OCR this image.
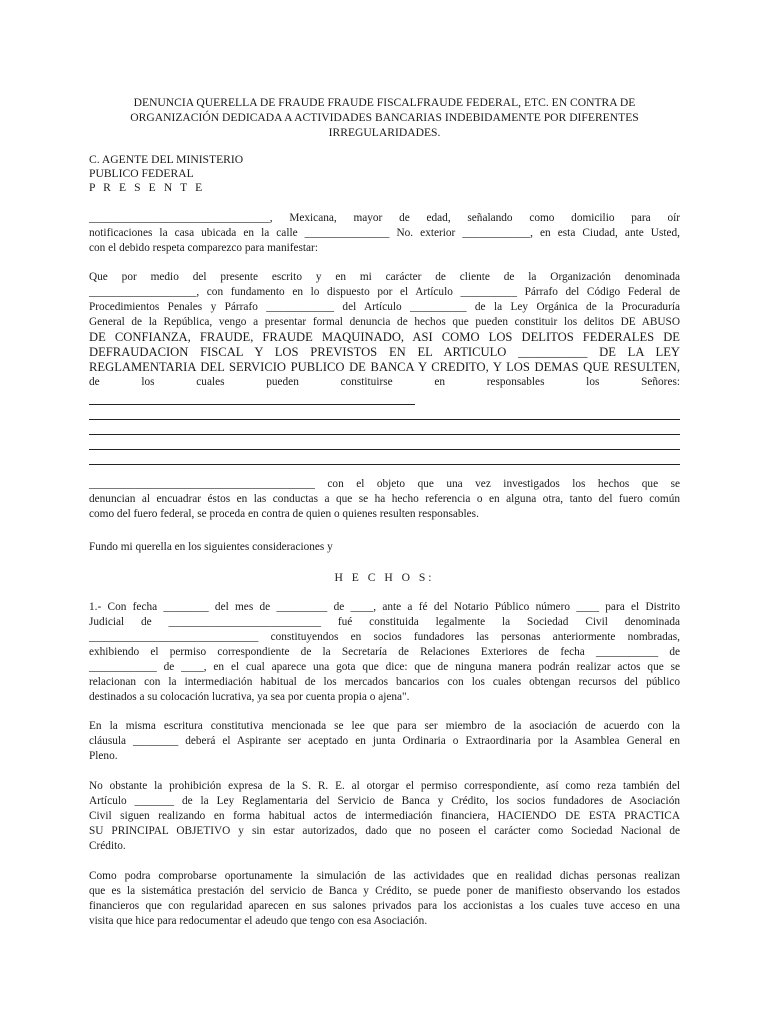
DENUNCIA QUERELLA DE FRAUDE FRAUDE FISCALFRAUDE FEDERAL, ETC. EN CONTRA DE
ORGANIZACIÓN DEDICADA A ACTIVIDADES BANCARIAS INDEBIDAMENTE POR DIFERENTES
IRREGULARIDADES.
C. AGENTE DEL MINISTERIO
PUBLICO FEDERAL
P R E S E N T E
________________________________, Mexicana, mayor de edad, señalando como domicilio para oír
notificaciones la casa ubicada en la calle _______________ No. exterior ____________, en esta Ciudad, ante Usted,
con el debido respeta comparezco para manifestar:
Que por medio del presente escrito y en mi carácter de cliente de la Organización denominada
___________________, con fundamento en lo dispuesto por el Artículo __________ Párrafo del Código Federal de
Procedimientos Penales y Párrafo ____________ del Artículo __________ de la Ley Orgánica de la Procuraduría
General de la República, vengo a presentar formal denuncia de hechos que pueden constituir los delitos DE ABUSO
DE CONFIANZA, FRAUDE, FRAUDE MAQUINADO, ASI COMO LOS DELITOS FEDERALES DE
DEFRAUDACION FISCAL Y LOS PREVISTOS EN EL ARTICULO ___________ DE LA LEY
REGLAMENTARIA DEL SERVICIO PUBLICO DE BANCA Y CREDITO, Y LOS DEMAS QUE RESULTEN,
de los cuales pueden constituirse en responsables los Señores:
________________________________________ con el objeto que una vez investigados los hechos que se
denuncian al encuadrar éstos en las conductas a que se ha hecho referencia o en alguna otra, tanto del fuero común
como del fuero federal, se proceda en contra de quien o quienes resulten responsables.
Fundo mi querella en los siguientes consideraciones y
H E C H O S:
1.- Con fecha ________ del mes de _________ de ____, ante a fé del Notario Público número ____ para el Distrito
Judicial de ___________________________ fué constituida legalmente la Sociedad Civil denominada
______________________________ constituyendos en socios fundadores las personas anteriormente nombradas,
exhibiendo el permiso correspondiente de la Secretaría de Relaciones Exteriores de fecha ___________ de
____________ de ____, en el cual aparece una gota que dice: que de ninguna manera podrán realizar actos que se
relacionan con la intermediación habitual de los mercados bancarios con los cuales obtengan recursos del público
destinados a su colocación lucrativa, ya sea por cuenta propia o ajena".
En la misma escritura constitutiva mencionada se lee que para ser miembro de la asociación de acuerdo con la
cláusula ________ deberá el Aspirante ser aceptado en junta Ordinaria o Extraordinaria por la Asamblea General en
Pleno.
No obstante la prohibición expresa de la S. R. E. al otorgar el permiso correspondiente, así como reza también del
Artículo _______ de la Ley Reglamentaria del Servicio de Banca y Crédito, los socios fundadores de Asociación
Civil siguen realizando en forma habitual actos de intermediación financiera, HACIENDO DE ESTA PRACTICA
SU PRINCIPAL OBJETIVO y sin estar autorizados, dado que no poseen el carácter como Sociedad Nacional de
Crédito.
Como podra comprobarse oportunamente la simulación de las actividades que en realidad dichas personas realizan
que es la sistemática prestación del servicio de Banca y Crédito, se puede poner de manifiesto observando los estados
financieros que con regularidad aparecen en sus salones privados para los accionistas a los cuales tuve acceso en una
visita que hice para redocumentar el adeudo que tengo con esa Asociación.
